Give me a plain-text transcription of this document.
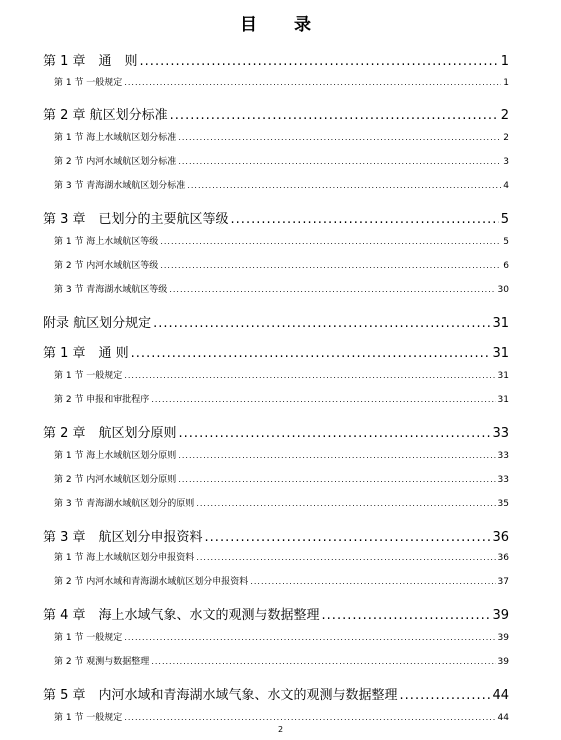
目　录
第 1 章　通　则 .....	1
第 1 节 一般规定 .....	1
第 2 章 航区划分标准 .....	2
第 1 节 海上水域航区划分标准 .....	2
第 2 节 内河水域航区划分标准 .....	3
第 3 节 青海湖水域航区划分标准 .....	4
第 3 章　已划分的主要航区等级 .....	5
第 1 节 海上水域航区等级 .....	5
第 2 节 内河水域航区等级 .....	6
第 3 节 青海湖水域航区等级 .....	30
附录 航区划分规定 .....	31
第 1 章　通 则 .....	31
第 1 节 一般规定 .....	31
第 2 节 申报和审批程序 .....	31
第 2 章　航区划分原则 .....	33
第 1 节 海上水域航区划分原则 .....	33
第 2 节 内河水域航区划分原则 .....	33
第 3 节 青海湖水域航区划分的原则 .....	35
第 3 章　航区划分申报资料 .....	36
第 1 节 海上水域航区划分申报资料 .....	36
第 2 节 内河水域和青海湖水域航区划分申报资料 .....	37
第 4 章　海上水域气象、水文的观测与数据整理 .....	39
第 1 节 一般规定 .....	39
第 2 节 观测与数据整理 .....	39
第 5 章　内河水域和青海湖水域气象、水文的观测与数据整理 .....	44
第 1 节 一般规定 .....	44
2
